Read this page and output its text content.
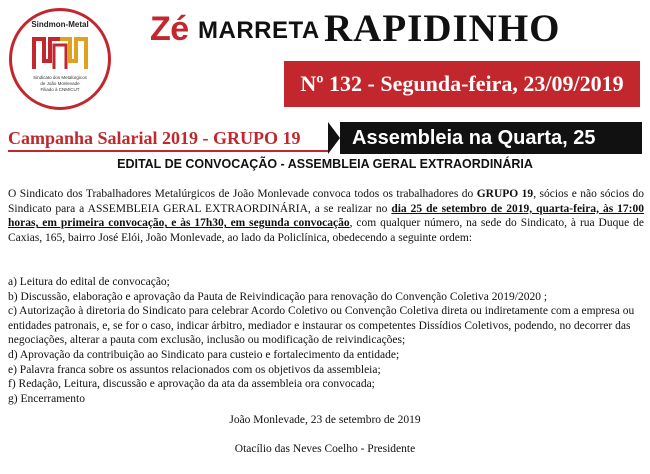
Sindmon-Metal
Sindicato dos Metalúrgicos
de João Monlevade
Filiado à CNM/CUT
Zé MARRETA RAPIDINHO
Nº 132 - Segunda-feira, 23/09/2019
Campanha Salarial 2019 - GRUPO 19	Assembleia na Quarta, 25
EDITAL DE CONVOCAÇÃO - ASSEMBLEIA GERAL EXTRAORDINÁRIA
O Sindicato dos Trabalhadores Metalúrgicos de João Monlevade convoca todos os trabalhadores do GRUPO 19, sócios e não sócios do Sindicato para a ASSEMBLEIA GERAL EXTRAORDINÁRIA, a se realizar no dia 25 de setembro de 2019, quarta-feira, às 17:00 horas, em primeira convocação, e às 17h30, em segunda convocação, com qualquer número, na sede do Sindicato, à rua Duque de Caxias, 165, bairro José Elói, João Monlevade, ao lado da Policlínica, obedecendo a seguinte ordem:
a) Leitura do edital de convocação;
b) Discussão, elaboração e aprovação da Pauta de Reivindicação para renovação do Convenção Coletiva 2019/2020 ;
c) Autorização à diretoria do Sindicato para celebrar Acordo Coletivo ou Convenção Coletiva direta ou indiretamente com a empresa ou entidades patronais, e, se for o caso, indicar árbitro, mediador e instaurar os competentes Dissídios Coletivos, podendo, no decorrer das negociações, alterar a pauta com exclusão, inclusão ou modificação de reivindicações;
d) Aprovação da contribuição ao Sindicato para custeio e fortalecimento da entidade;
e) Palavra franca sobre os assuntos relacionados com os objetivos da assembleia;
f) Redação, Leitura, discussão e aprovação da ata da assembleia ora convocada;
g) Encerramento
João Monlevade, 23 de setembro de 2019
Otacílio das Neves Coelho - Presidente
